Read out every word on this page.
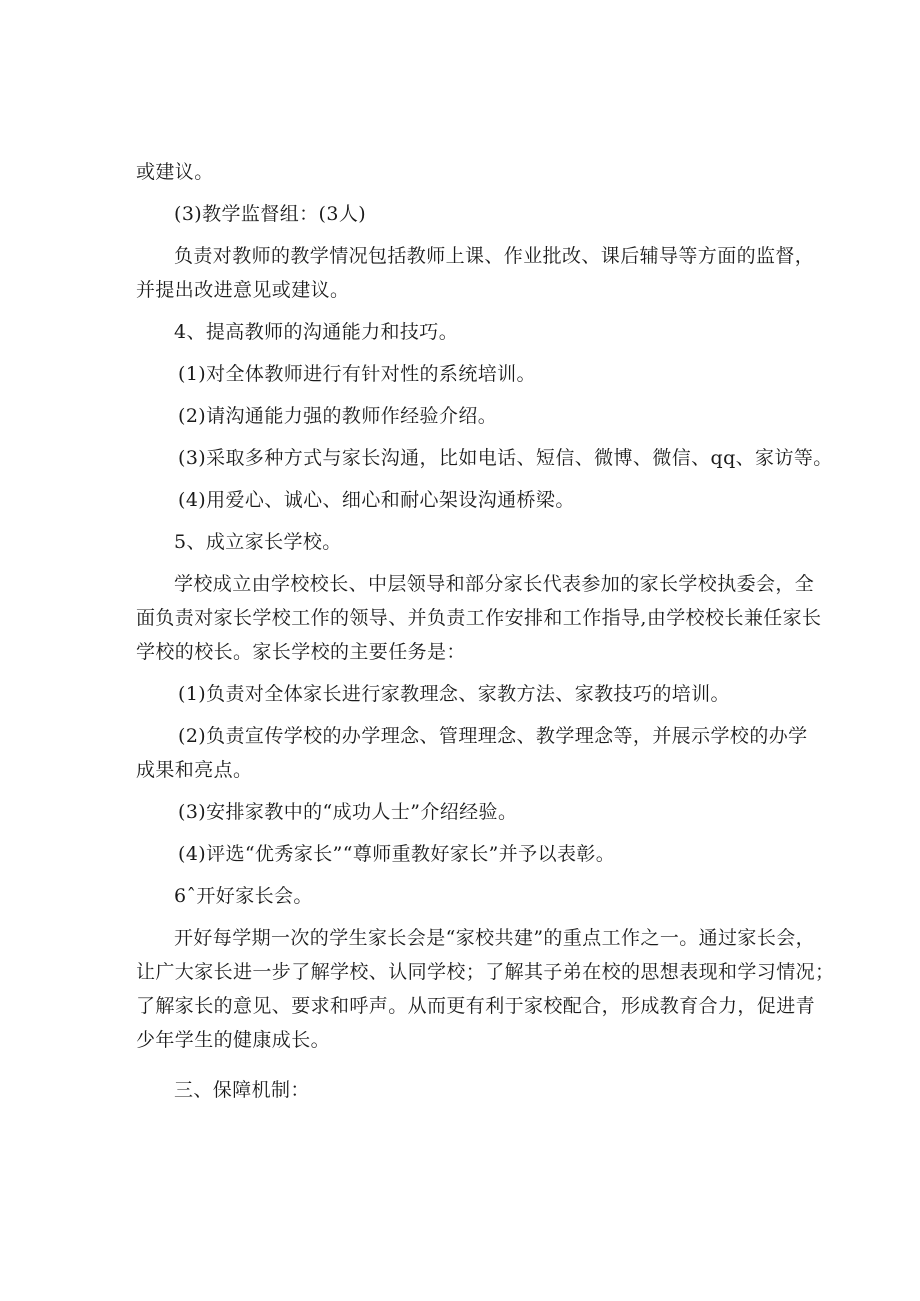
或建议。

(3)教学监督组：(3人)

负责对教师的教学情况包括教师上课、作业批改、课后辅导等方面的监督，

并提出改进意见或建议。

4、提高教师的沟通能力和技巧。

(1)对全体教师进行有针对性的系统培训。

(2)请沟通能力强的教师作经验介绍。

(3)采取多种方式与家长沟通，比如电话、短信、微博、微信、qq、家访等。

(4)用爱心、诚心、细心和耐心架设沟通桥梁。

5、成立家长学校。

学校成立由学校校长、中层领导和部分家长代表参加的家长学校执委会，全

面负责对家长学校工作的领导、并负责工作安排和工作指导,由学校校长兼任家长

学校的校长。家长学校的主要任务是：

(1)负责对全体家长进行家教理念、家教方法、家教技巧的培训。

(2)负责宣传学校的办学理念、管理理念、教学理念等，并展示学校的办学

成果和亮点。

(3)安排家教中的“成功人士”介绍经验。

(4)评选“优秀家长”“尊师重教好家长”并予以表彰。

6ˆ开好家长会。

开好每学期一次的学生家长会是“家校共建”的重点工作之一。通过家长会，

让广大家长进一步了解学校、认同学校；了解其子弟在校的思想表现和学习情况；

了解家长的意见、要求和呼声。从而更有利于家校配合，形成教育合力，促进青

少年学生的健康成长。

三、保障机制：
